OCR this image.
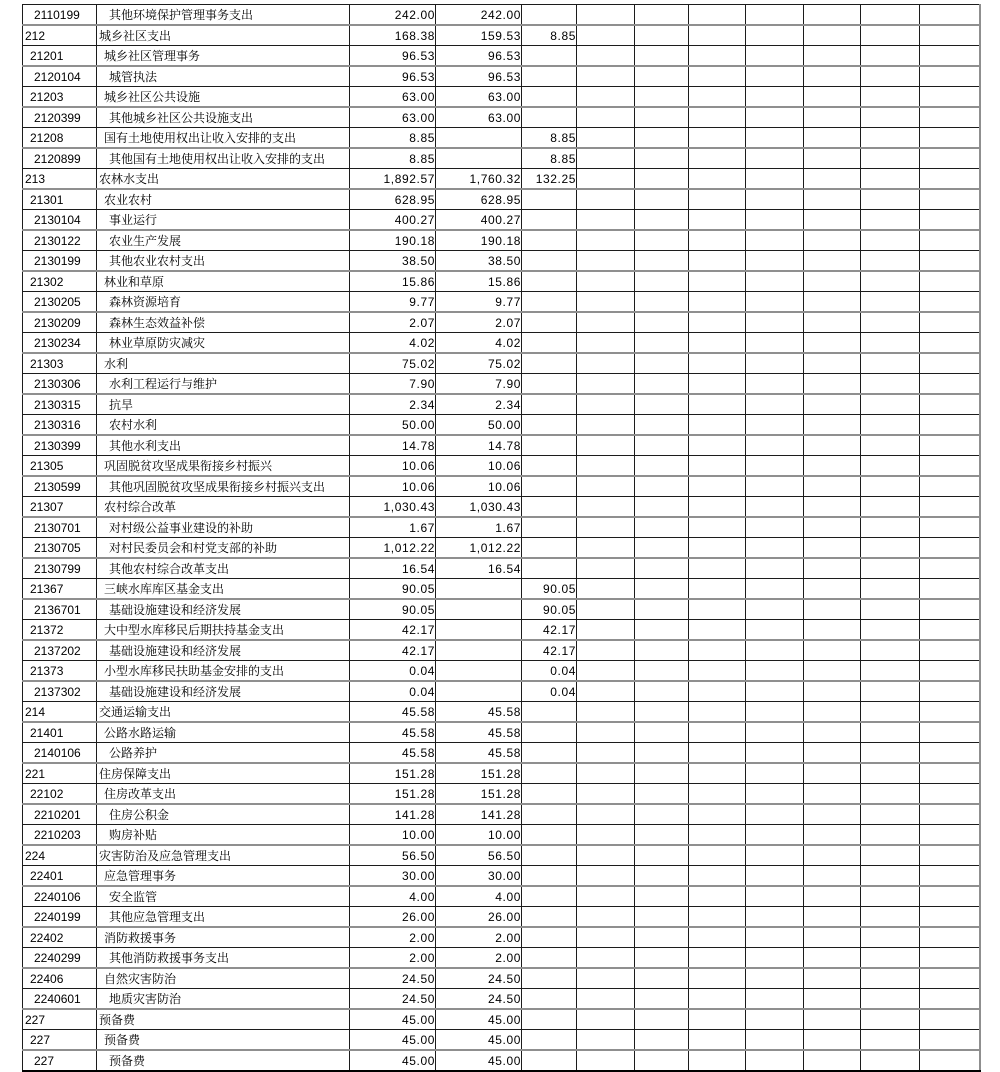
2110199	其他环境保护管理事务支出	242.00	242.00								
212	城乡社区支出	168.38	159.53	8.85							
21201	城乡社区管理事务	96.53	96.53								
2120104	城管执法	96.53	96.53								
21203	城乡社区公共设施	63.00	63.00								
2120399	其他城乡社区公共设施支出	63.00	63.00								
21208	国有土地使用权出让收入安排的支出	8.85		8.85							
2120899	其他国有土地使用权出让收入安排的支出	8.85		8.85							
213	农林水支出	1,892.57	1,760.32	132.25							
21301	农业农村	628.95	628.95								
2130104	事业运行	400.27	400.27								
2130122	农业生产发展	190.18	190.18								
2130199	其他农业农村支出	38.50	38.50								
21302	林业和草原	15.86	15.86								
2130205	森林资源培育	9.77	9.77								
2130209	森林生态效益补偿	2.07	2.07								
2130234	林业草原防灾减灾	4.02	4.02								
21303	水利	75.02	75.02								
2130306	水利工程运行与维护	7.90	7.90								
2130315	抗旱	2.34	2.34								
2130316	农村水利	50.00	50.00								
2130399	其他水利支出	14.78	14.78								
21305	巩固脱贫攻坚成果衔接乡村振兴	10.06	10.06								
2130599	其他巩固脱贫攻坚成果衔接乡村振兴支出	10.06	10.06								
21307	农村综合改革	1,030.43	1,030.43								
2130701	对村级公益事业建设的补助	1.67	1.67								
2130705	对村民委员会和村党支部的补助	1,012.22	1,012.22								
2130799	其他农村综合改革支出	16.54	16.54								
21367	三峡水库库区基金支出	90.05		90.05							
2136701	基础设施建设和经济发展	90.05		90.05							
21372	大中型水库移民后期扶持基金支出	42.17		42.17							
2137202	基础设施建设和经济发展	42.17		42.17							
21373	小型水库移民扶助基金安排的支出	0.04		0.04							
2137302	基础设施建设和经济发展	0.04		0.04							
214	交通运输支出	45.58	45.58								
21401	公路水路运输	45.58	45.58								
2140106	公路养护	45.58	45.58								
221	住房保障支出	151.28	151.28								
22102	住房改革支出	151.28	151.28								
2210201	住房公积金	141.28	141.28								
2210203	购房补贴	10.00	10.00								
224	灾害防治及应急管理支出	56.50	56.50								
22401	应急管理事务	30.00	30.00								
2240106	安全监管	4.00	4.00								
2240199	其他应急管理支出	26.00	26.00								
22402	消防救援事务	2.00	2.00								
2240299	其他消防救援事务支出	2.00	2.00								
22406	自然灾害防治	24.50	24.50								
2240601	地质灾害防治	24.50	24.50								
227	预备费	45.00	45.00								
227	预备费	45.00	45.00								
227	预备费	45.00	45.00								
